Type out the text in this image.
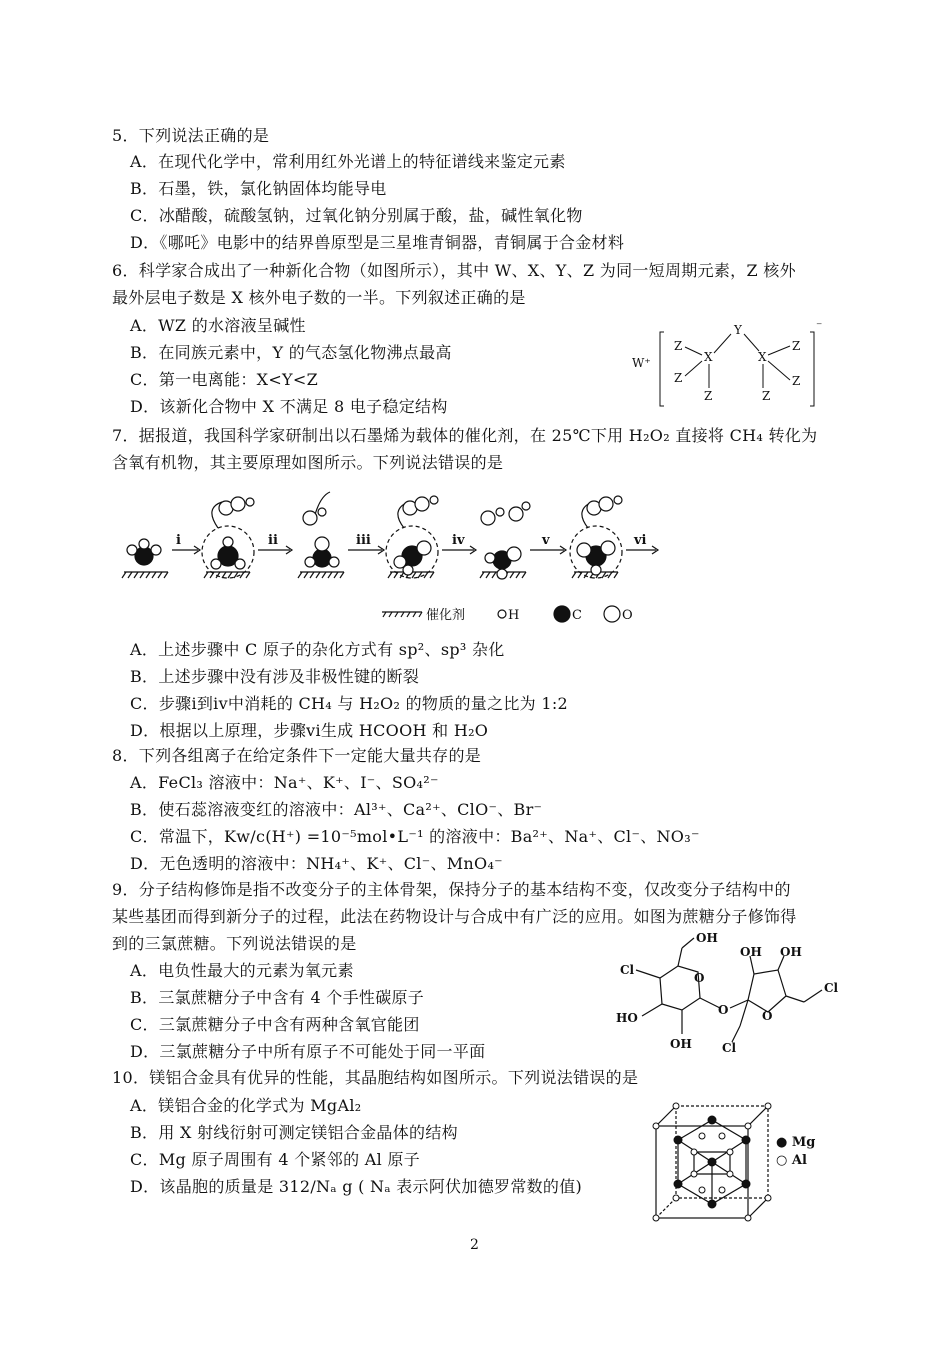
5．下列说法正确的是
A．在现代化学中，常利用红外光谱上的特征谱线来鉴定元素
B．石墨，铁，氯化钠固体均能导电
C．冰醋酸，硫酸氢钠，过氧化钠分别属于酸，盐，碱性氧化物
D．《哪吒》电影中的结界兽原型是三星堆青铜器，青铜属于合金材料
6．科学家合成出了一种新化合物（如图所示），其中 W、X、Y、Z 为同一短周期元素，Z 核外
最外层电子数是 X 核外电子数的一半。下列叙述正确的是
A．WZ 的水溶液呈碱性
B．在同族元素中，Y 的气态氢化物沸点最高
C．第一电离能：X<Y<Z
D．该新化合物中 X 不满足 8 电子稳定结构
W⁺
Y
Z
Z
X
Z
X
Z
Z
Z
⁻
7．据报道，我国科学家研制出以石墨烯为载体的催化剂，在 25℃下用 H₂O₂ 直接将 CH₄ 转化为
含氧有机物，其主要原理如图所示。下列说法错误的是
i	ii	iii	iv	v	vi
催化剂	H	C	O
A．上述步骤中 C 原子的杂化方式有 sp²、sp³ 杂化
B．上述步骤中没有涉及非极性键的断裂
C．步骤i到iv中消耗的 CH₄ 与 H₂O₂ 的物质的量之比为 1:2
D．根据以上原理，步骤vi生成 HCOOH 和 H₂O
8．下列各组离子在给定条件下一定能大量共存的是
A．FeCl₃ 溶液中：Na⁺、K⁺、I⁻、SO₄²⁻
B．使石蕊溶液变红的溶液中：Al³⁺、Ca²⁺、ClO⁻、Br⁻
C．常温下，Kw/c(H⁺) =10⁻⁵mol•L⁻¹ 的溶液中：Ba²⁺、Na⁺、Cl⁻、NO₃⁻
D．无色透明的溶液中：NH₄⁺、K⁺、Cl⁻、MnO₄⁻
9．分子结构修饰是指不改变分子的主体骨架，保持分子的基本结构不变，仅改变分子结构中的
某些基团而得到新分子的过程，此法在药物设计与合成中有广泛的应用。如图为蔗糖分子修饰得
到的三氯蔗糖。下列说法错误的是
A．电负性最大的元素为氧元素
B．三氯蔗糖分子中含有 4 个手性碳原子
C．三氯蔗糖分子中含有两种含氧官能团
D．三氯蔗糖分子中所有原子不可能处于同一平面
OH
Cl
O
HO
OH
O
OH OH
O
Cl
Cl
10．镁铝合金具有优异的性能，其晶胞结构如图所示。下列说法错误的是
A．镁铝合金的化学式为 MgAl₂
B．用 X 射线衍射可测定镁铝合金晶体的结构
C．Mg 原子周围有 4 个紧邻的 Al 原子
D．该晶胞的质量是 312/Nₐ g ( Nₐ 表示阿伏加德罗常数的值)
● Mg
○ Al
2
